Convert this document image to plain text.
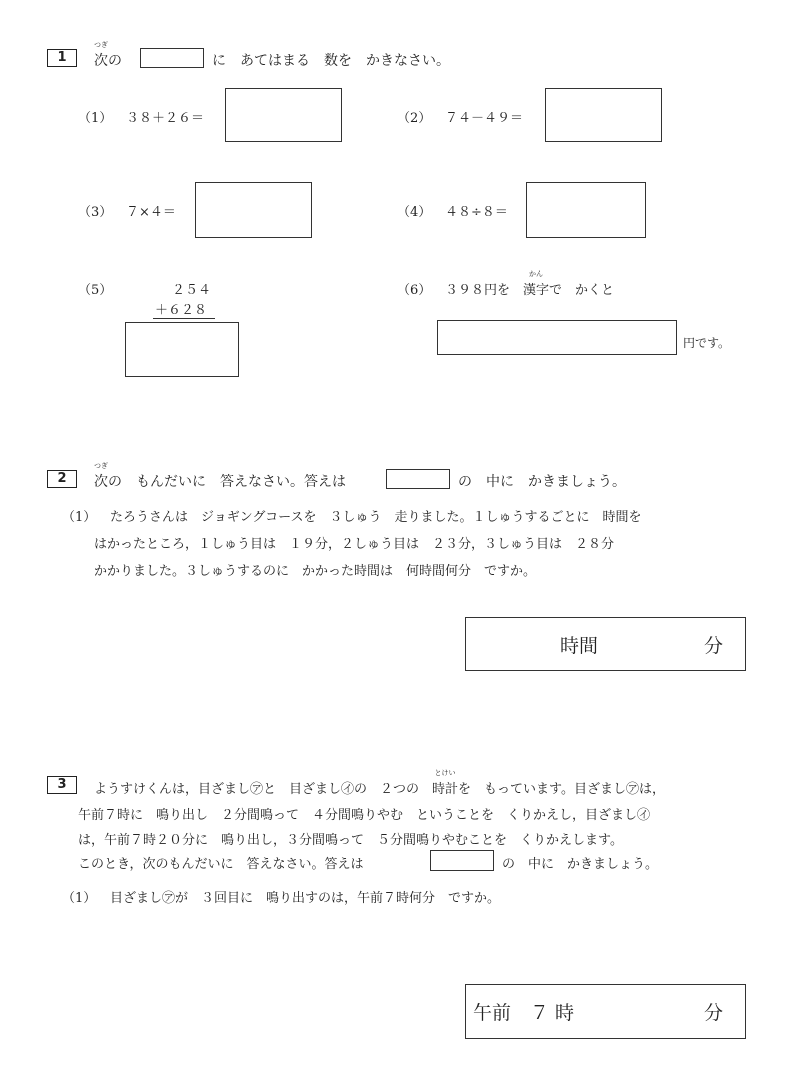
1	次
つぎ
の	に　あてはまる　数を　かきなさい。
（1） ３８＋２６＝	（2） ７４－４９＝
（3） ７×４＝	（4） ４８÷８＝
（5）	２５４
＋６２８
（6） ３９８円を　漢字
かん
で　かくと
円です。
2	次
つぎ
の　もんだいに　答えなさい。答えは	の　中に　かきましょう。
（1） たろうさんは　ジョギングコースを　３しゅう　走りました。１しゅうするごとに　時間を
はかったところ，１しゅう目は　１９分，２しゅう目は　２３分，３しゅう目は　２８分
かかりました。３しゅうするのに　かかった時間は　何時間何分　ですか。
時間	分
3	ようすけくんは，目ざまし㋐と　目ざまし㋑の　２つの　時計
とけい
を　もっています。目ざまし㋐は，
午前７時に　鳴り出し　２分間鳴って　４分間鳴りやむ　ということを　くりかえし，目ざまし㋑
は，午前７時２０分に　鳴り出し，３分間鳴って　５分間鳴りやむことを　くりかえします。
このとき，次のもんだいに　答えなさい。答えは	の　中に　かきましょう。
（1） 目ざまし㋐が　３回目に　鳴り出すのは，午前７時何分　ですか。
午前　７ 時	分
